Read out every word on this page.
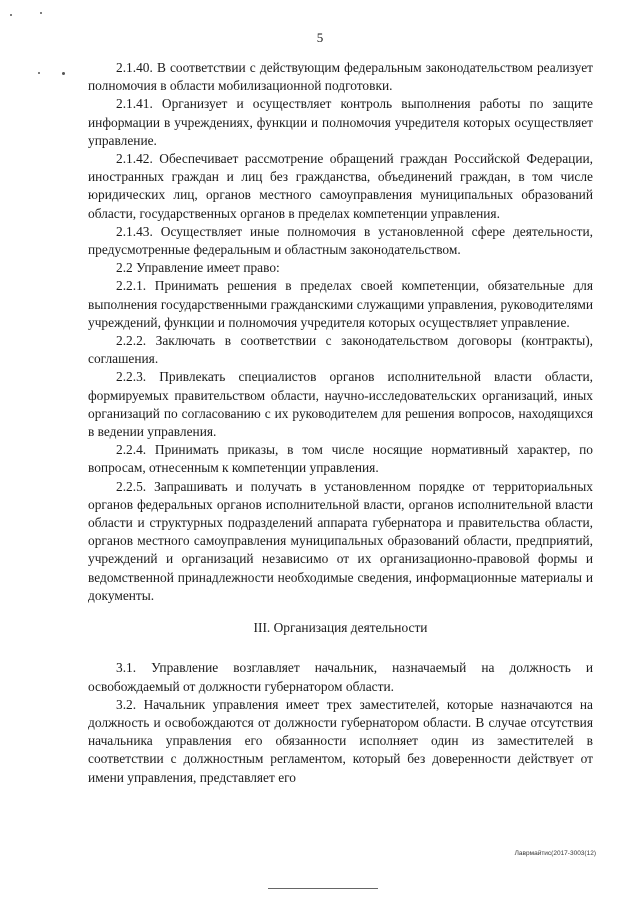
5

2.1.40. В соответствии с действующим федеральным законодательством реализует полномочия в области мобилизационной подготовки.

2.1.41. Организует и осуществляет контроль выполнения работы по защите информации в учреждениях, функции и полномочия учредителя которых осуществляет управление.

2.1.42. Обеспечивает рассмотрение обращений граждан Российской Федерации, иностранных граждан и лиц без гражданства, объединений граждан, в том числе юридических лиц, органов местного самоуправления муниципальных образований области, государственных органов в пределах компетенции управления.

2.1.43. Осуществляет иные полномочия в установленной сфере деятельности, предусмотренные федеральным и областным законодательством.

2.2 Управление имеет право:

2.2.1. Принимать решения в пределах своей компетенции, обязательные для выполнения государственными гражданскими служащими управления, руководителями учреждений, функции и полномочия учредителя которых осуществляет управление.

2.2.2. Заключать в соответствии с законодательством договоры (контракты), соглашения.

2.2.3. Привлекать специалистов органов исполнительной власти области, формируемых правительством области, научно-исследовательских организаций, иных организаций по согласованию с их руководителем для решения вопросов, находящихся в ведении управления.

2.2.4. Принимать приказы, в том числе носящие нормативный характер, по вопросам, отнесенным к компетенции управления.

2.2.5. Запрашивать и получать в установленном порядке от территориальных органов федеральных органов исполнительной власти, органов исполнительной власти области и структурных подразделений аппарата губернатора и правительства области, органов местного самоуправления муниципальных образований области, предприятий, учреждений и организаций независимо от их организационно-правовой формы и ведомственной принадлежности необходимые сведения, информационные материалы и документы.

III. Организация деятельности

3.1. Управление возглавляет начальник, назначаемый на должность и освобождаемый от должности губернатором области.

3.2. Начальник управления имеет трех заместителей, которые назначаются на должность и освобождаются от должности губернатором области. В случае отсутствия начальника управления его обязанности исполняет один из заместителей в соответствии с должностным регламентом, который без доверенности действует от имени управления, представляет его

Лаврмайтис(2017-3003(12)
